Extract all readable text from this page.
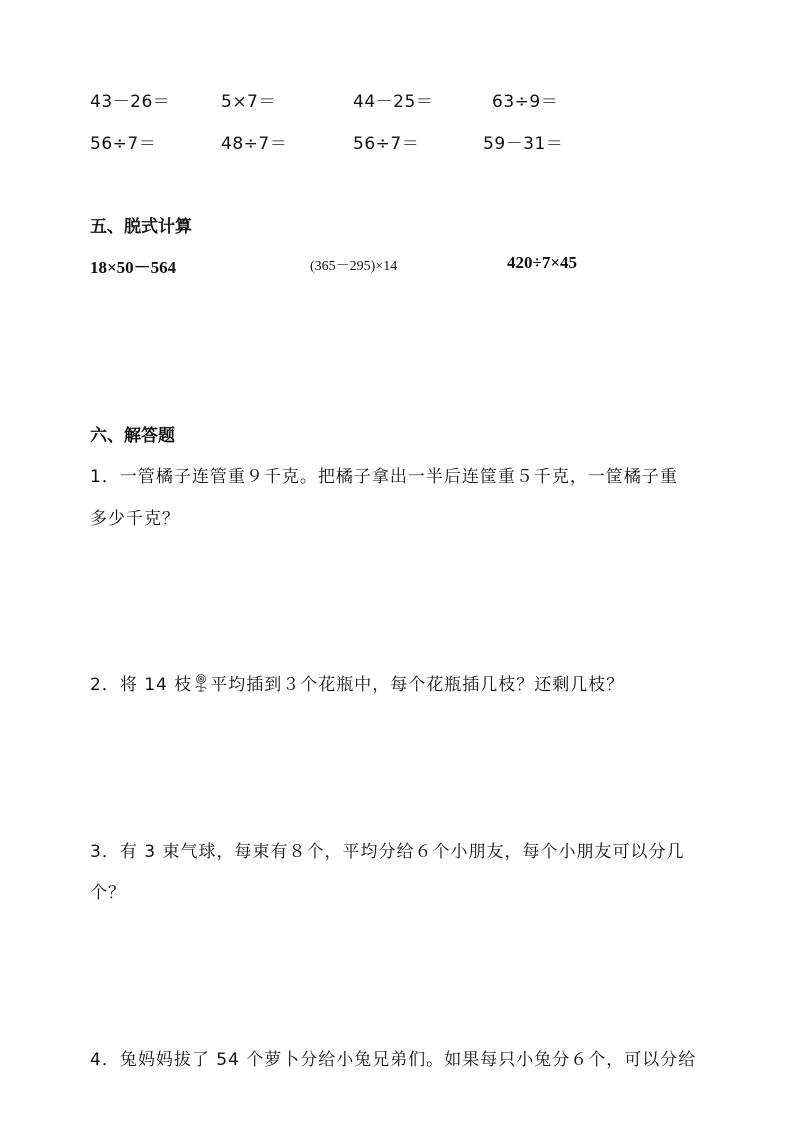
43－26＝	5×7＝	44－25＝	63÷9＝
56÷7＝	48÷7＝	56÷7＝	59－31＝
五、脱式计算
18×50－564	(365－295)×14	420÷7×45
六、解答题
1．一管橘子连管重９千克。把橘子拿出一半后连筐重５千克，一筐橘子重
多少千克？
2．将 14 枝 平均插到３个花瓶中，每个花瓶插几枝？还剩几枝？
3．有 3 束气球，每束有８个，平均分给６个小朋友，每个小朋友可以分几
个？
4．兔妈妈拔了 54 个萝卜分给小兔兄弟们。如果每只小兔分６个，可以分给
